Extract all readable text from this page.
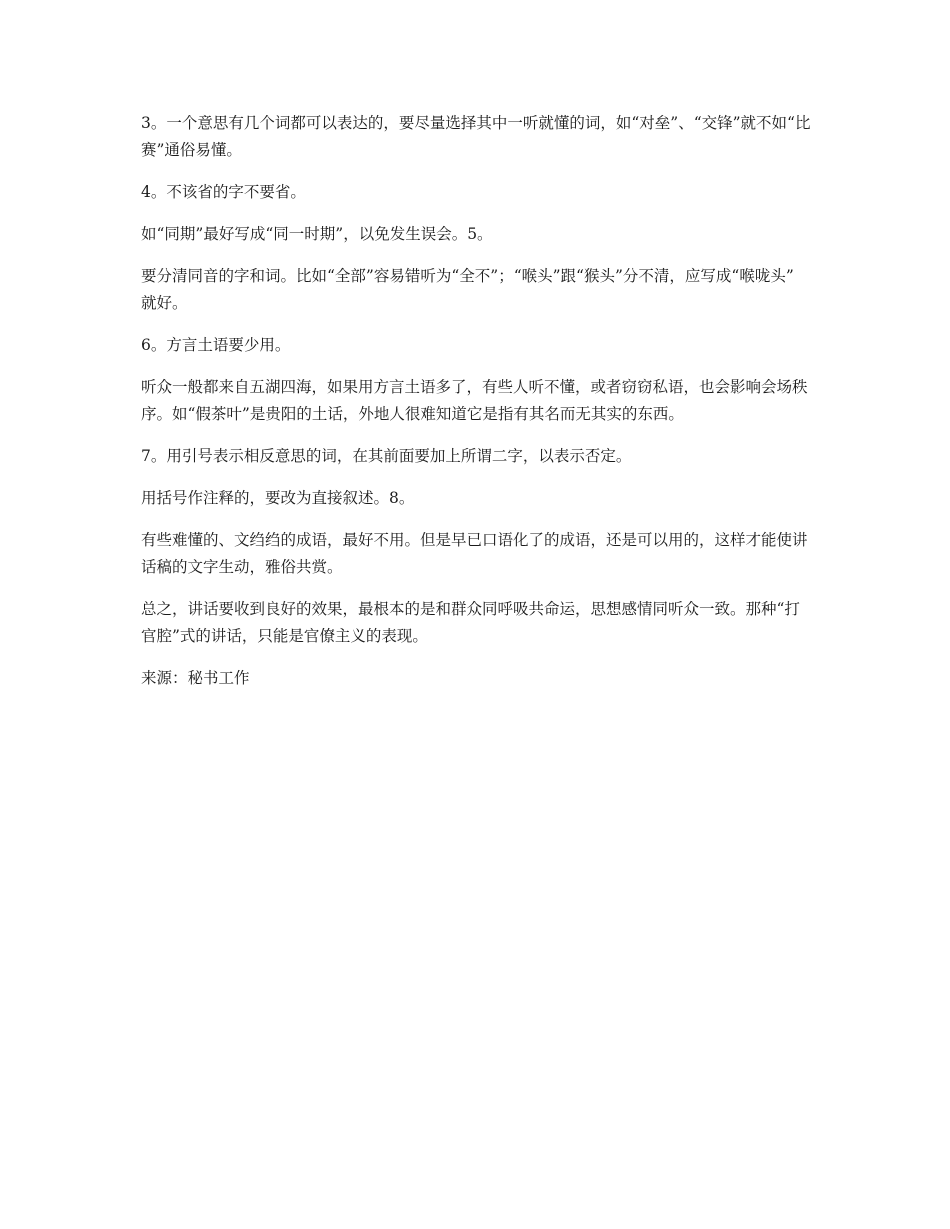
3。一个意思有几个词都可以表达的，要尽量选择其中一听就懂的词，如“对垒”、“交锋”就不如“比赛”通俗易懂。

4。不该省的字不要省。

如“同期”最好写成“同一时期”，以免发生误会。5。

要分清同音的字和词。比如“全部”容易错听为“全不”；“喉头”跟“猴头”分不清，应写成“喉咙头” 就好。

6。方言土语要少用。

听众一般都来自五湖四海，如果用方言土语多了，有些人听不懂，或者窃窃私语，也会影响会场秩序。如“假茶叶”是贵阳的土话，外地人很难知道它是指有其名而无其实的东西。

7。用引号表示相反意思的词，在其前面要加上所谓二字，以表示否定。

用括号作注释的，要改为直接叙述。8。

有些难懂的、文绉绉的成语，最好不用。但是早已口语化了的成语，还是可以用的，这样才能使讲话稿的文字生动，雅俗共赏。

总之，讲话要收到良好的效果，最根本的是和群众同呼吸共命运，思想感情同听众一致。那种“打官腔”式的讲话，只能是官僚主义的表现。

来源：秘书工作
